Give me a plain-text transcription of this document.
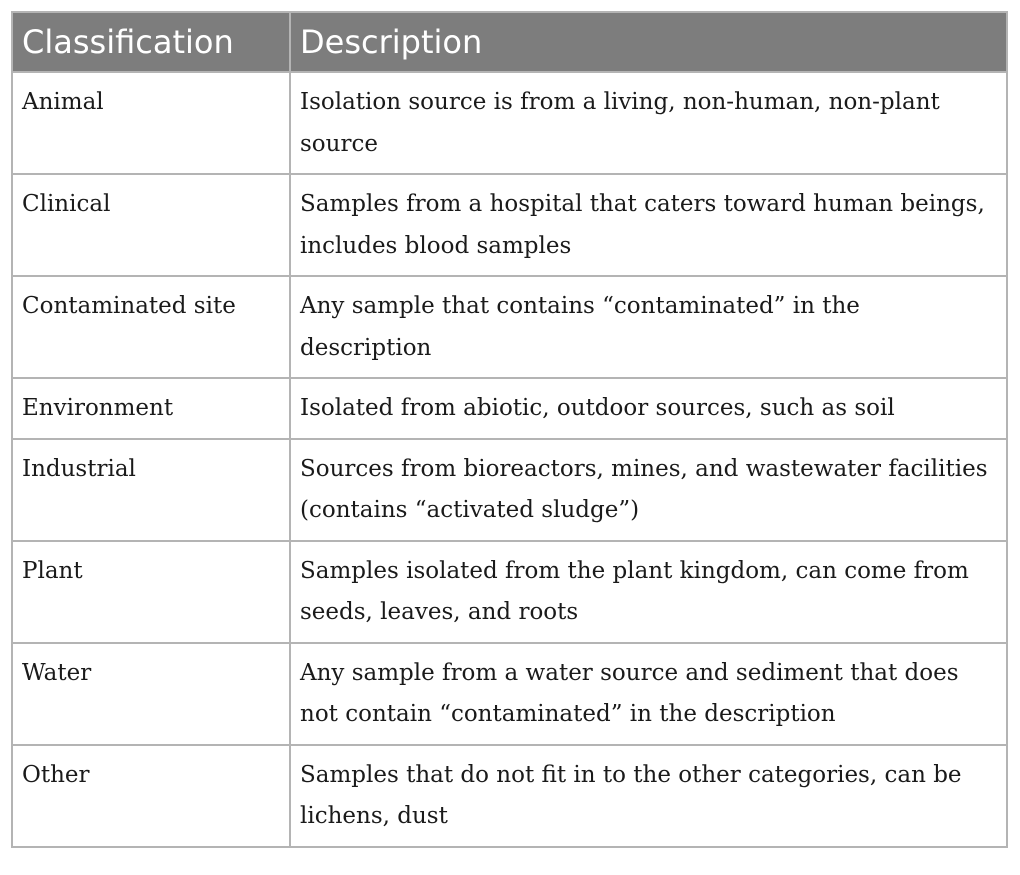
Classification	Description
Animal	Isolation source is from a living, non-human, non-plant source
Clinical	Samples from a hospital that caters toward human beings, includes blood samples
Contaminated site	Any sample that contains “contaminated” in the description
Environment	Isolated from abiotic, outdoor sources, such as soil
Industrial	Sources from bioreactors, mines, and wastewater facilities (contains “activated sludge”)
Plant	Samples isolated from the plant kingdom, can come from seeds, leaves, and roots
Water	Any sample from a water source and sediment that does not contain “contaminated” in the description
Other	Samples that do not fit in to the other categories, can be lichens, dust
